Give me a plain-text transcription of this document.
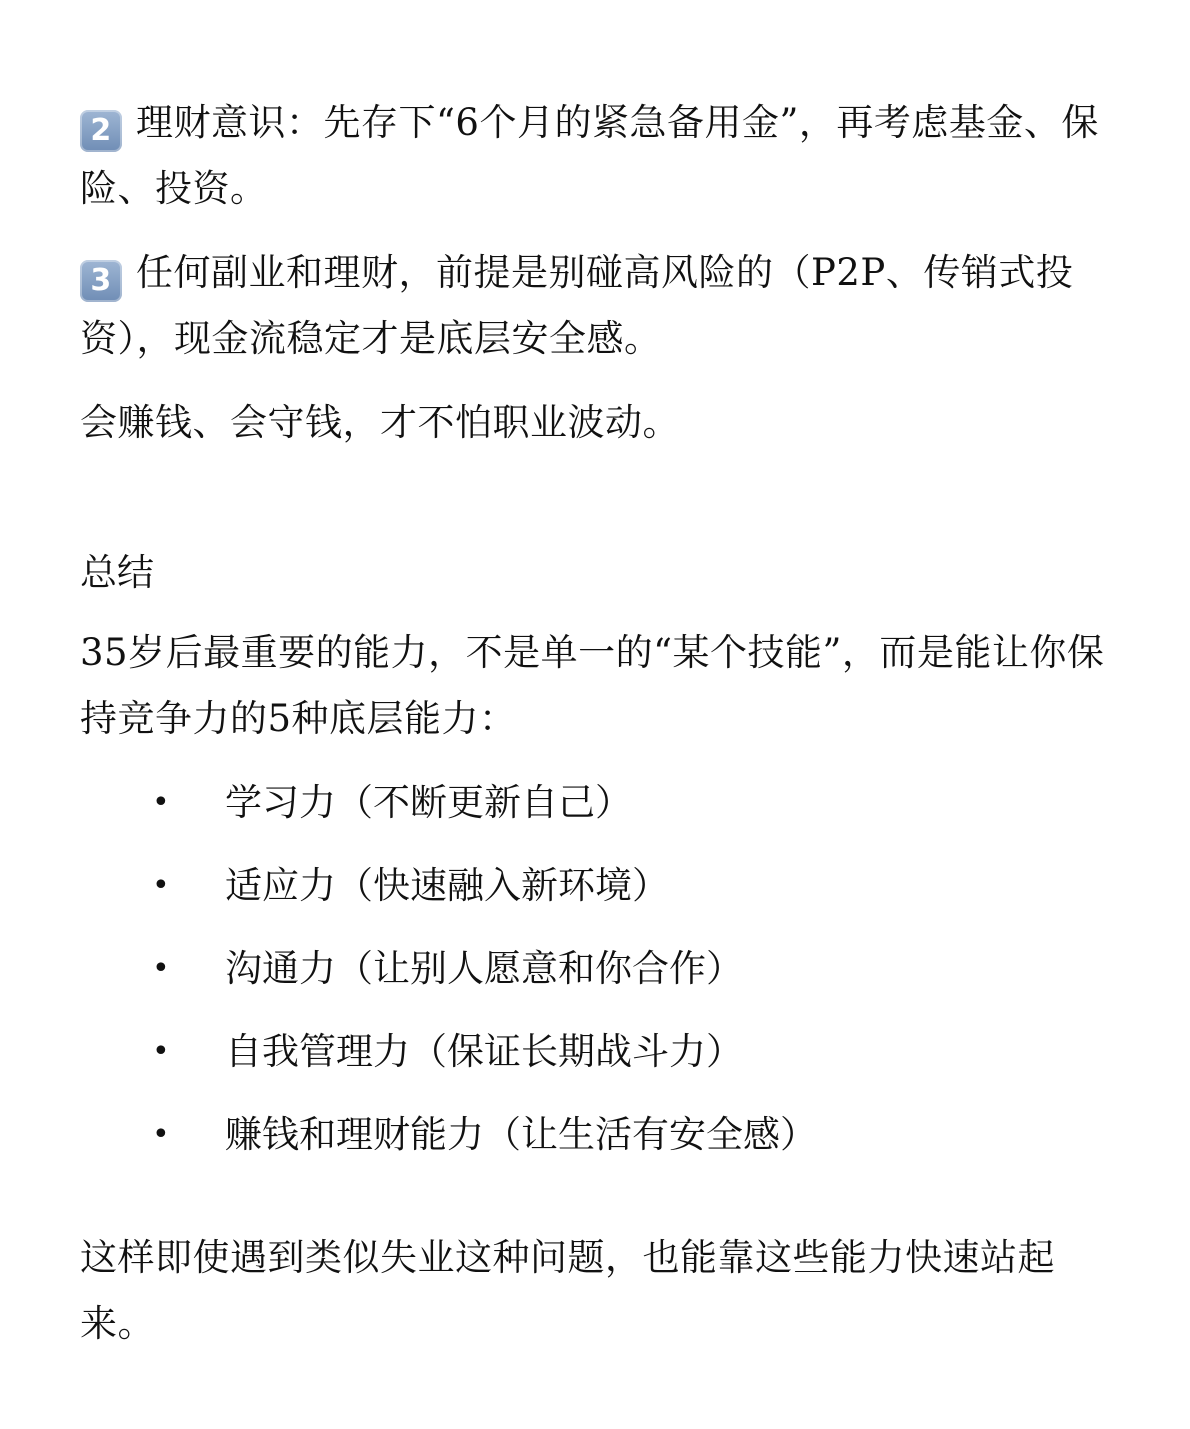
2 理财意识：先存下“6个月的紧急备用金”，再考虑基金、保险、投资。

3 任何副业和理财，前提是别碰高风险的（P2P、传销式投资），现金流稳定才是底层安全感。

会赚钱、会守钱，才不怕职业波动。

总结

35岁后最重要的能力，不是单一的“某个技能”，而是能让你保持竞争力的5种底层能力：

• 学习力（不断更新自己）
• 适应力（快速融入新环境）
• 沟通力（让别人愿意和你合作）
• 自我管理力（保证长期战斗力）
• 赚钱和理财能力（让生活有安全感）

这样即使遇到类似失业这种问题，也能靠这些能力快速站起来。
